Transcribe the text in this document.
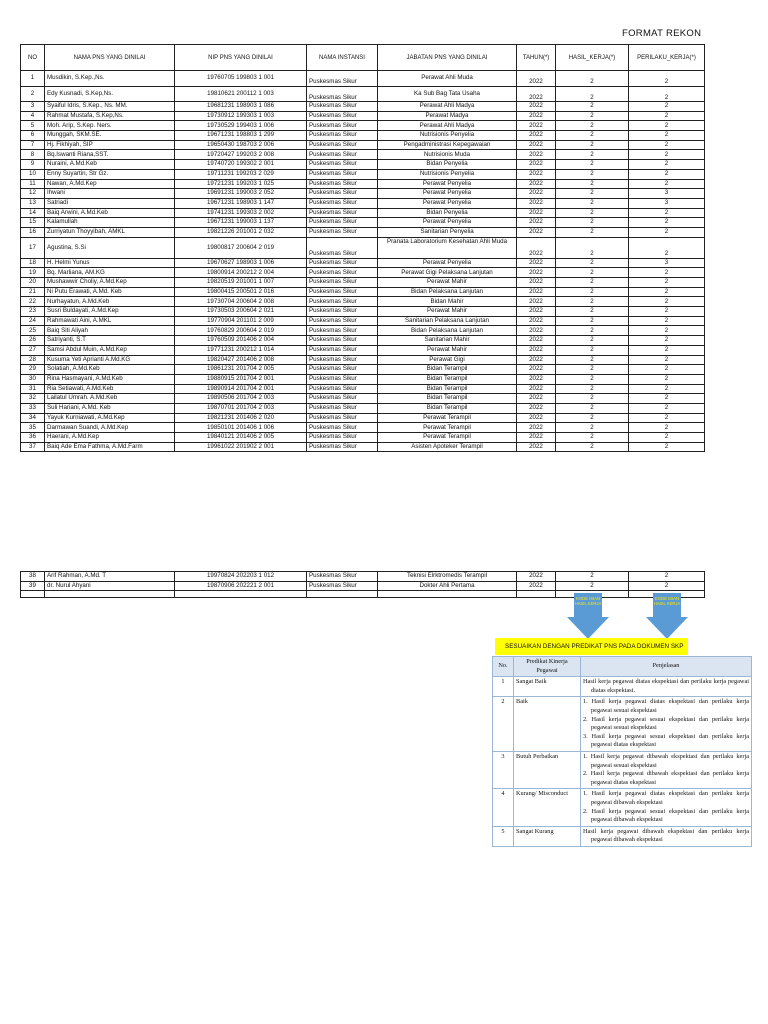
FORMAT REKON
NO	NAMA PNS YANG DINILAI	NIP PNS YANG DINILAI	NAMA INSTANSI	JABATAN PNS YANG DINILAI	TAHUN(*)	HASIL_KERJA(*)	PERILAKU_KERJA(*)
1	Musdikin, S.Kep.,Ns.	19760705 199803 1 001	Puskesmas Sikur	Perawat Ahli Muda	2022	2	2
2	Edy Kusnadi, S.Kep,Ns.	19810621 200112 1 003	Puskesmas Sikur	Ka Sub Bag Tata Usaha	2022	2	2
3	Syaiful Idris, S.Kep., Ns. MM.	19681231 198903 1 086	Puskesmas Sikur	Perawat Ahli Madya	2022	2	2
4	Rahmat Mustafa, S.Kep,Ns.	19730912 199303 1 003	Puskesmas Sikur	Perawat Madya	2022	2	2
5	Moh. Arip, S.Kep. Ners.	19730529 199403 1 006	Puskesmas Sikur	Perawat Ahli Madya	2022	2	2
6	Munggah, SKM.SE.	19671231 198803 1 299	Puskesmas Sikur	Nutrisionis Penyelia	2022	2	2
7	Hj. Fikhiyah, SIP	19650430 198703 2 006	Puskesmas Sikur	Pengadministrasi Kepegawaian	2022	2	2
8	Bq.Iswanti Riana,SST.	19720427 199203 2 008	Puskesmas Sikur	Nutrisionis Muda	2022	2	2
9	Nuraini, A.Md.Keb	19740720 199302 2 001	Puskesmas Sikur	Bidan Penyelia	2022	2	2
10	Enny Suyartin, Str Gz.	19711231 199203 2 029	Puskesmas Sikur	Nutrisionis Penyelia	2022	2	2
11	Nawan, A.Md.Kep	19721231 199203 1 025	Puskesmas Sikur	Perawat Penyelia	2022	2	2
12	Ihwani	19691231 199003 2 052	Puskesmas Sikur	Perawat Penyelia	2022	2	3
13	Satriadi	19671231 198903 1 147	Puskesmas Sikur	Perawat Penyelia	2022	2	3
14	Baiq Arwini, A.Md.Keb	19741231 199303 2 002	Puskesmas Sikur	Bidan Penyelia	2022	2	2
15	Kalamullah	19671231 199003 1 137	Puskesmas Sikur	Perawat Penyelia	2022	2	2
16	Zurriyatun Thoyyibah, AMKL	19821226 201001 2 032	Puskesmas Sikur	Sanitarian Penyelia	2022	2	2
17	Agustina, S.Si	19800817 200604 2 019	Puskesmas Sikur	Pranata Laboratorium Kesehatan Ahli Muda	2022	2	2
18	H. Helmi Yunus	19670627 198903 1 006	Puskesmas Sikur	Perawat Penyelia	2022	2	3
19	Bq. Marliana, AM.KG	19800914 200212 2 004	Puskesmas Sikur	Perawat Gigi Pelaksana Lanjutan	2022	2	2
20	Mushawwir Choliy, A.Md.Kep	19820519 201001 1 007	Puskesmas Sikur	Perawat Mahir	2022	2	2
21	Ni Putu Erawati, A.Md. Keb	19800415 200501 2 016	Puskesmas Sikur	Bidan Pelaksana Lanjutan	2022	2	2
22	Nurhayatun, A.Md.Keb	19730704 200604 2 008	Puskesmas Sikur	Bidan Mahir	2022	2	2
23	Susri Buldayati, A.Md.Kep	19730503 200604 2 021	Puskesmas Sikur	Perawat Mahir	2022	2	2
24	Rahmawati Aini, A.MKL	19770904 201101 2 009	Puskesmas Sikur	Sanitarian Pelaksana Lanjutan	2022	2	2
25	Baiq Siti Aliyah	19760829 200604 2 019	Puskesmas Sikur	Bidan Pelaksana Lanjutan	2022	2	2
26	Satriyanti, S.T	19760509 201406 2 004	Puskesmas Sikur	Sanitarian Mahir	2022	2	2
27	Samsi Abdul Muin, A.Md.Kep	19771231 200212 1 014	Puskesmas Sikur	Perawat Mahir	2022	2	2
28	Kusuma Yeti Aprianti A.Md.KG	19820427 201406 2 008	Puskesmas Sikur	Perawat Gigi	2022	2	2
29	Solatiah, A.Md.Keb	19861231 201704 2 005	Puskesmas Sikur	Bidan Terampil	2022	2	2
30	Rina Hasmayani, A.Md.Keb	19880915 201704 2 001	Puskesmas Sikur	Bidan Terampil	2022	2	2
31	Ria Setiawati, A.Md.Keb	19890914 201704 2 001	Puskesmas Sikur	Bidan Terampil	2022	2	2
32	Lailatul Umrah. A.Md.Keb	19890506 201704 2 003	Puskesmas Sikur	Bidan Terampil	2022	2	2
33	Suli Hariani, A.Md. Keb	19870701 201704 2 003	Puskesmas Sikur	Bidan Terampil	2022	2	2
34	Yayuk Kurniawati, A.Md.Kep	19821231 201406 2 020	Puskesmas Sikur	Perawat Terampil	2022	2	2
35	Darmawan Suandi, A.Md.Kep	19850101 201406 1 006	Puskesmas Sikur	Perawat Terampil	2022	2	2
36	Haerani, A.Md.Kep	19840121 201406 2 005	Puskesmas Sikur	Perawat Terampil	2022	2	2
37	Baiq Ade Ema Fathma, A.Md.Farm	19961022 201902 2 001	Puskesmas Sikur	Asisten Apoteker Terampil	2022	2	2
38	Arif Rahman, A.Md. T	19970824 202203 1 012	Puskesmas Sikur	Teknisi Elrktromedis Terampil	2022	2	2
39	dr. Nurul Ahyani	19870906 202221 2 001	Puskesmas Sikur	Dokter Ahli Pertama	2022	2	2

KODE ISIAN HASIL KERJA
KODE ISIAN HASIL KERJA
SESUAIKAN DENGAN PREDIKAT PNS PADA DOKUMEN SKP
No.	Predikat Kinerja Pegawai	Penjelasan
1	Sangat Baik	Hasil kerja pegawai diatas ekspektasi dan perilaku kerja pegawai diatas ekspektasi.

2	Baik	1. Hasil kerja pegawai diatas ekspektasi dan perilaku kerja pegawai sesuai ekspektasi
2. Hasil kerja pegawai sesuai ekspektasi dan perilaku kerja pegawai sesuai ekspektasi
3. Hasil kerja pegawai sesuai ekspektasi dan perilaku kerja pegawai diatas ekspektasi

3	Butuh Perbaikan	1. Hasil kerja pegawai dibawah ekspektasi dan perilaku kerja pegawai sesuai ekspektasi
2. Hasil kerja pegawai dibawah ekspektasi dan perilaku kerja pegawai diatas ekspektasi

4	Kurang/ Misconduct	1. Hasil kerja pegawai diatas ekspektasi dan perilaku kerja pegawai dibawah ekspektasi
2. Hasil kerja pegawai sesuai ekspektasi dan perilaku kerja pegawai dibawah ekspektasi

5	Sangat Kurang	Hasil kerja pegawai dibawah ekspektasi dan perilaku kerja pegawai dibawah ekspektasi
